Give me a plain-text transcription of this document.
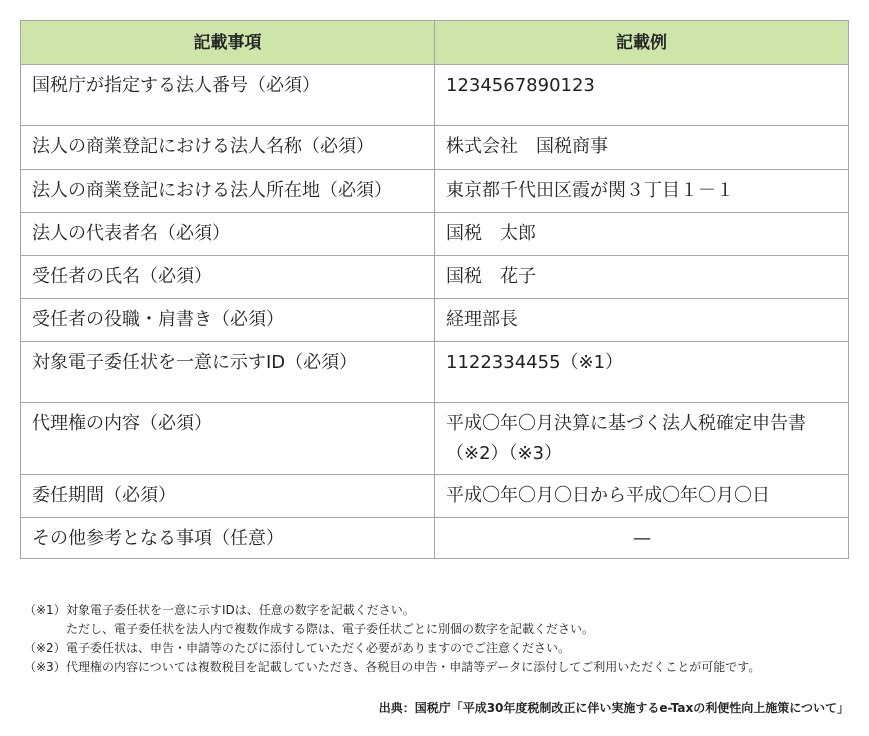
記載事項	記載例
国税庁が指定する法人番号（必須）	1234567890123
法人の商業登記における法人名称（必須）	株式会社　国税商事
法人の商業登記における法人所在地（必須）	東京都千代田区霞が関３丁目１－１
法人の代表者名（必須）	国税　太郎
受任者の氏名（必須）	国税　花子
受任者の役職・肩書き（必須）	経理部長
対象電子委任状を一意に示すID（必須）	1122334455（※1）
代理権の内容（必須）	平成〇年〇月決算に基づく法人税確定申告書（※2）（※3）
委任期間（必須）	平成〇年〇月〇日から平成〇年〇月〇日
その他参考となる事項（任意）	—
（※1） 対象電子委任状を一意に示すIDは、任意の数字を記載ください。
ただし、電子委任状を法人内で複数作成する際は、電子委任状ごとに別個の数字を記載ください。
（※2） 電子委任状は、申告・申請等のたびに添付していただく必要がありますのでご注意ください。
（※3） 代理権の内容については複数税目を記載していただき、各税目の申告・申請等データに添付してご利用いただくことが可能です。
出典：国税庁「平成30年度税制改正に伴い実施するe-Taxの利便性向上施策について」
